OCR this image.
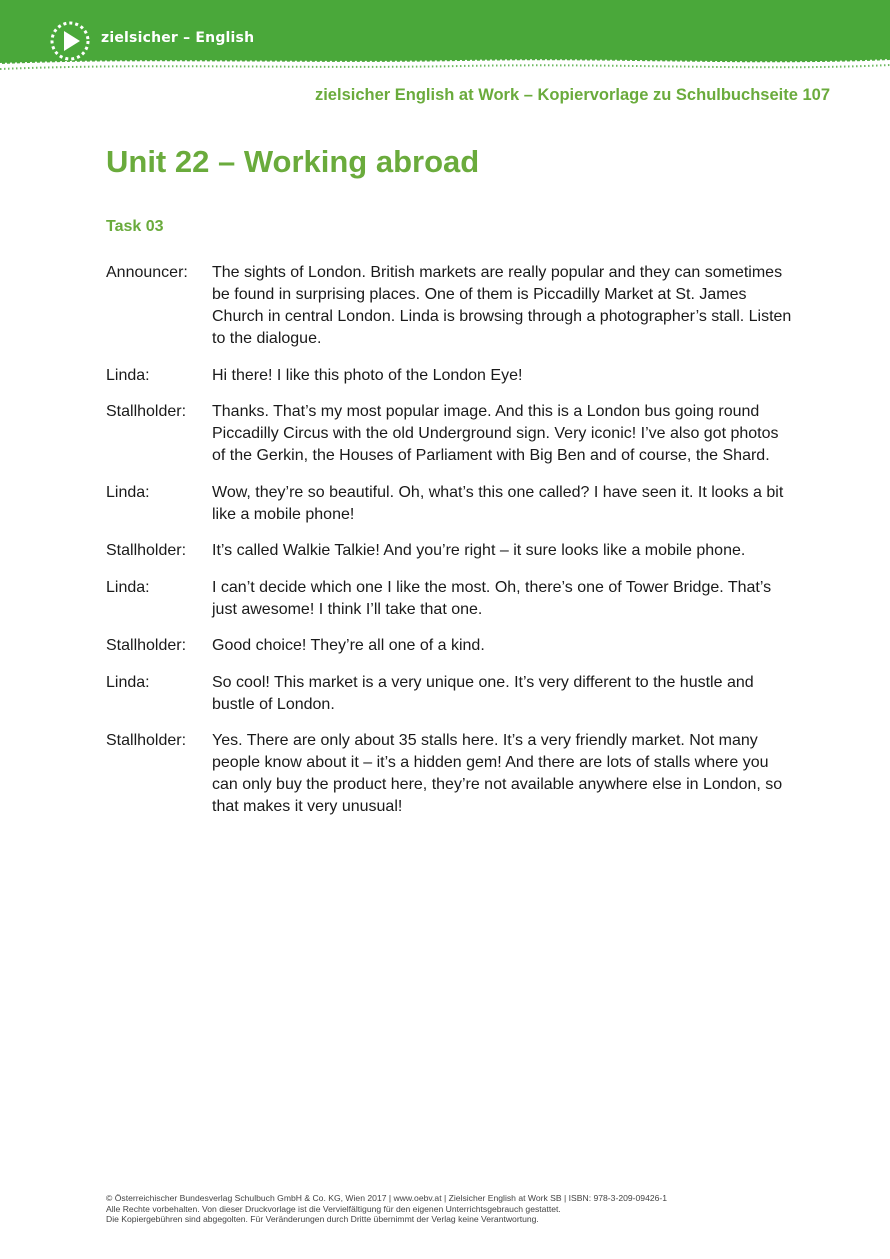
zielsicher – English
zielsicher English at Work – Kopiervorlage zu Schulbuchseite 107
Unit 22 – Working abroad
Task 03
Announcer:	The sights of London. British markets are really popular and they can sometimes be found in surprising places. One of them is Piccadilly Market at St. James Church in central London. Linda is browsing through a photographer’s stall. Listen to the dialogue.
Linda:	Hi there! I like this photo of the London Eye!
Stallholder:	Thanks. That’s my most popular image. And this is a London bus going round Piccadilly Circus with the old Underground sign. Very iconic! I’ve also got photos of the Gerkin, the Houses of Parliament with Big Ben and of course, the Shard.
Linda:	Wow, they’re so beautiful. Oh, what’s this one called? I have seen it. It looks a bit like a mobile phone!
Stallholder:	It’s called Walkie Talkie! And you’re right – it sure looks like a mobile phone.
Linda:	I can’t decide which one I like the most. Oh, there’s one of Tower Bridge. That’s just awesome! I think I’ll take that one.
Stallholder:	Good choice! They’re all one of a kind.
Linda:	So cool! This market is a very unique one. It’s very different to the hustle and bustle of London.
Stallholder:	Yes. There are only about 35 stalls here. It’s a very friendly market. Not many people know about it – it’s a hidden gem! And there are lots of stalls where you can only buy the product here, they’re not available anywhere else in London, so that makes it very unusual!
© Österreichischer Bundesverlag Schulbuch GmbH & Co. KG, Wien 2017 | www.oebv.at | Zielsicher English at Work SB | ISBN: 978-3-209-09426-1
Alle Rechte vorbehalten. Von dieser Druckvorlage ist die Vervielfältigung für den eigenen Unterrichtsgebrauch gestattet.
Die Kopiergebühren sind abgegolten. Für Veränderungen durch Dritte übernimmt der Verlag keine Verantwortung.
